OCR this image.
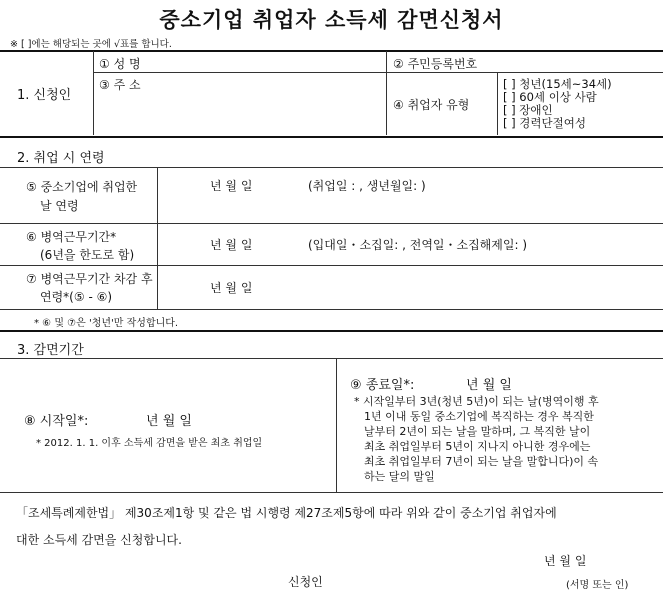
중소기업 취업자 소득세 감면신청서
※ [ ]에는 해당되는 곳에 √표를 합니다.
1. 신청인
① 성 명	② 주민등록번호
③ 주 소
④ 취업자 유형
[ ] 청년(15세~34세)
[ ] 60세 이상 사람
[ ] 장애인
[ ] 경력단절여성
2. 취업 시 연령
⑤ 중소기업에 취업한
날 연령
년 월 일	(취업일 : , 생년월일: )
⑥ 병역근무기간*
(6년을 한도로 함)
년 월 일	(입대일・소집일: , 전역일・소집해제일: )
⑦ 병역근무기간 차감 후
연령*(⑤ - ⑥)
년 월 일
* ⑥ 및 ⑦은 '청년'만 작성합니다.
3. 감면기간
⑧ 시작일*:	년 월 일
* 2012. 1. 1. 이후 소득세 감면을 받은 최초 취업일
⑨ 종료일*:	년 월 일
* 시작일부터 3년(청년 5년)이 되는 날(병역이행 후
1년 이내 동일 중소기업에 복직하는 경우 복직한
날부터 2년이 되는 날을 말하며, 그 복직한 날이
최초 취업일부터 5년이 지나지 아니한 경우에는
최초 취업일부터 7년이 되는 날을 말합니다)이 속
하는 달의 말일
「조세특례제한법」 제30조제1항 및 같은 법 시행령 제27조제5항에 따라 위와 같이 중소기업 취업자에
대한 소득세 감면을 신청합니다.
년 월 일
신청인	(서명 또는 인)
